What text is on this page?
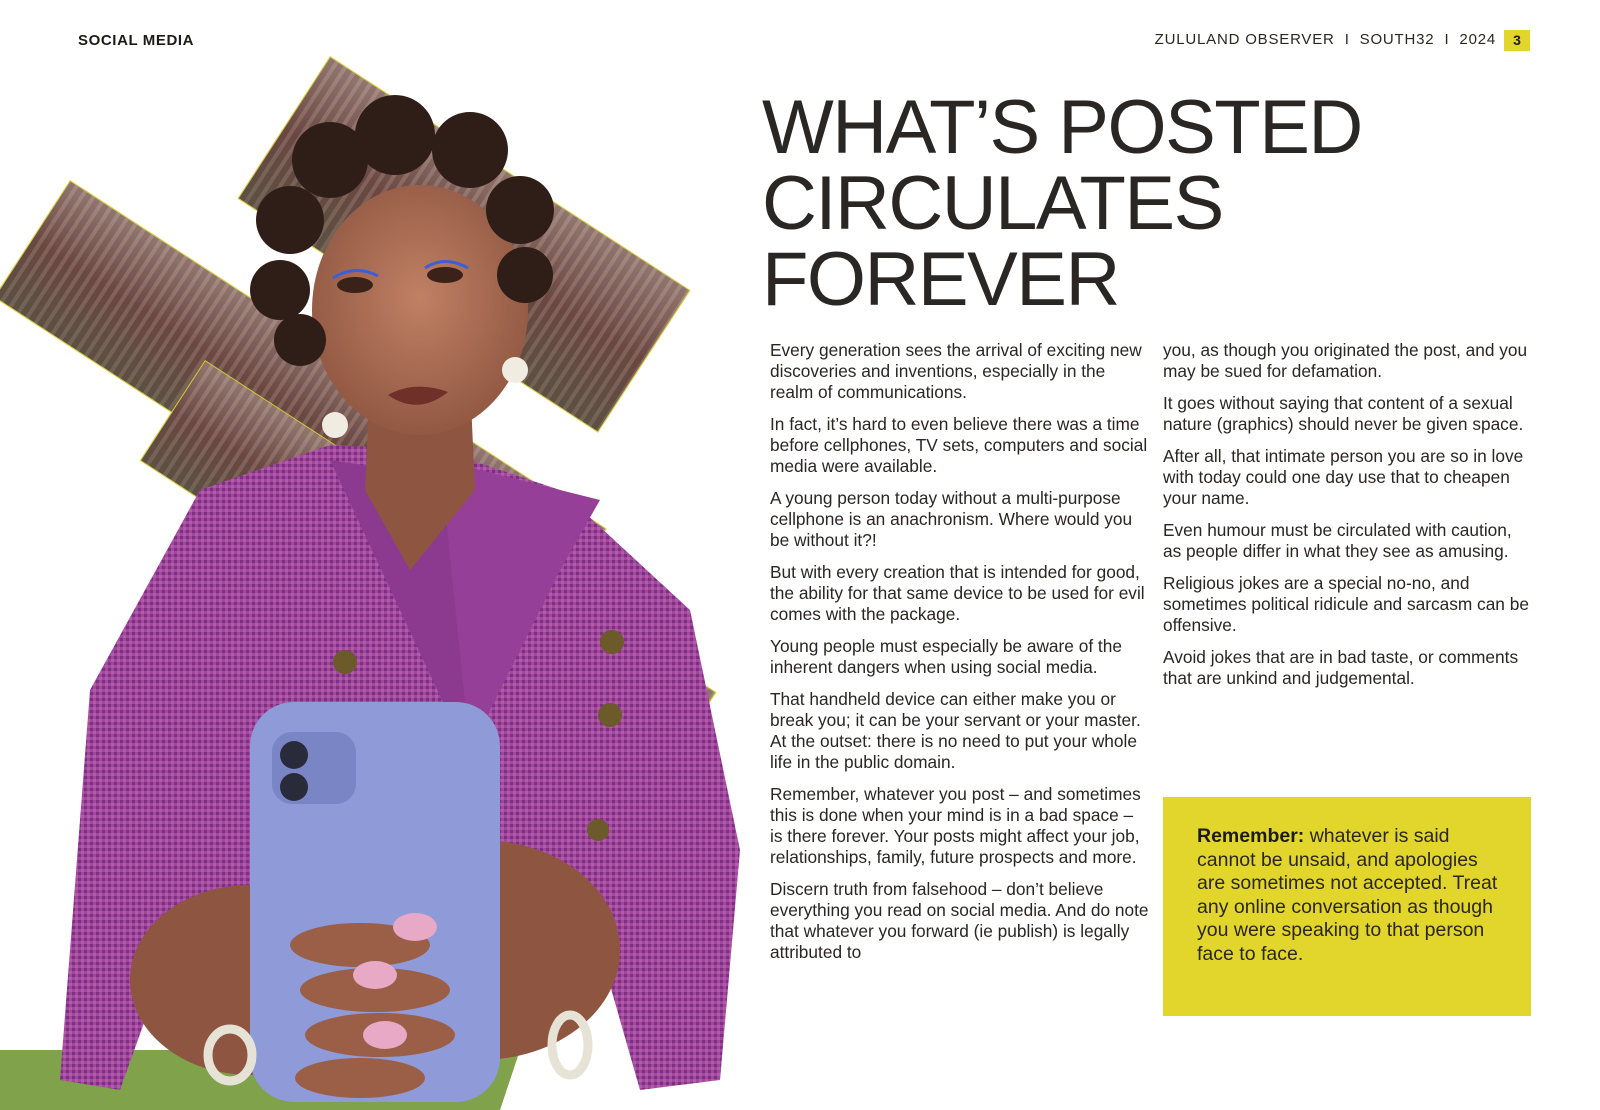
SOCIAL MEDIA	ZULULAND OBSERVER I SOUTH32 I 2024	3
WHAT’S POSTED
CIRCULATES
FOREVER

Every generation sees the arrival of exciting new discoveries and inventions, especially in the realm of communications.

In fact, it’s hard to even believe there was a time before cellphones, TV sets, computers and social media were available.

A young person today without a multi-purpose cellphone is an anachronism. Where would you be without it?!

But with every creation that is intended for good, the ability for that same device to be used for evil comes with the package.

Young people must especially be aware of the inherent dangers when using social media.

That handheld device can either make you or break you; it can be your servant or your master. At the outset: there is no need to put your whole life in the public domain.

Remember, whatever you post – and sometimes this is done when your mind is in a bad space – is there forever. Your posts might affect your job, relationships, family, future prospects and more.

Discern truth from falsehood – don’t believe everything you read on social media. And do note that whatever you forward (ie publish) is legally attributed to

you, as though you originated the post, and you may be sued for defamation.

It goes without saying that content of a sexual nature (graphics) should never be given space.

After all, that intimate person you are so in love with today could one day use that to cheapen your name.

Even humour must be circulated with caution, as people differ in what they see as amusing.

Religious jokes are a special no-no, and sometimes political ridicule and sarcasm can be offensive.

Avoid jokes that are in bad taste, or comments that are unkind and judgemental.

Remember: whatever is said cannot be unsaid, and apologies are sometimes not accepted. Treat any online conversation as though you were speaking to that person face to face.
